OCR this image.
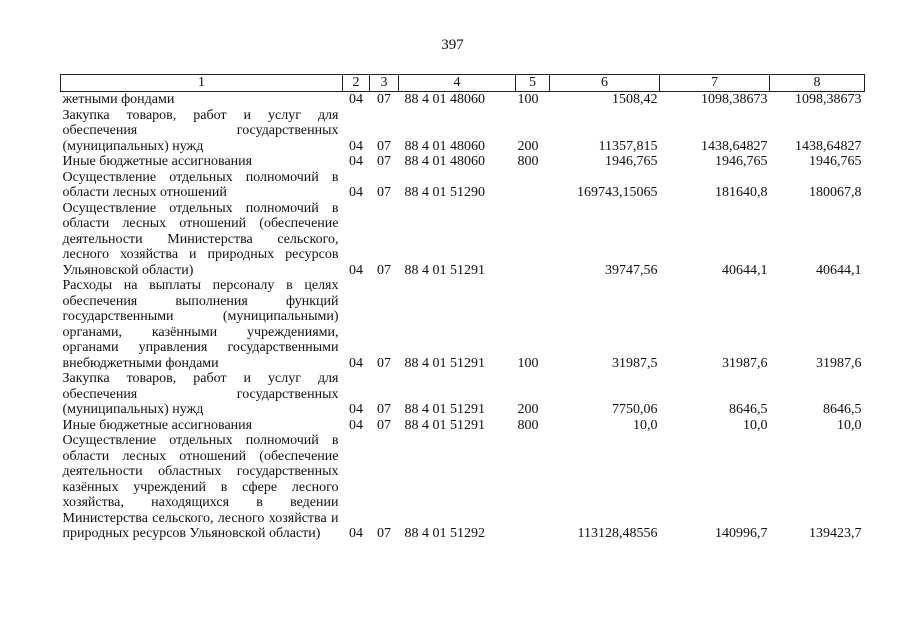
397
1	2	3	4	5	6	7	8
жетными фондами	04	07	88 4 01 48060	100	1508,42	1098,38673	1098,38673
Закупка товаров, работ и услуг для обеспечения государственных (муниципальных) нужд	04	07	88 4 01 48060	200	11357,815	1438,64827	1438,64827
Иные бюджетные ассигнования	04	07	88 4 01 48060	800	1946,765	1946,765	1946,765
Осуществление отдельных полномочий в области лесных отношений	04	07	88 4 01 51290		169743,15065	181640,8	180067,8
Осуществление отдельных полномочий в области лесных отношений (обеспечение деятельности Министерства сельского, лесного хозяйства и природных ресурсов Ульяновской области)	04	07	88 4 01 51291		39747,56	40644,1	40644,1
Расходы на выплаты персоналу в целях обеспечения выполнения функций государственными (муниципальными) органами, казёнными учреждениями, органами управления государственными внебюджетными фондами	04	07	88 4 01 51291	100	31987,5	31987,6	31987,6
Закупка товаров, работ и услуг для обеспечения государственных (муниципальных) нужд	04	07	88 4 01 51291	200	7750,06	8646,5	8646,5
Иные бюджетные ассигнования	04	07	88 4 01 51291	800	10,0	10,0	10,0
Осуществление отдельных полномочий в области лесных отношений (обеспечение деятельности областных государственных казённых учреждений в сфере лесного хозяйства, находящихся в ведении Министерства сельского, лесного хозяйства и природных ресурсов Ульяновской области)	04	07	88 4 01 51292		113128,48556	140996,7	139423,7
